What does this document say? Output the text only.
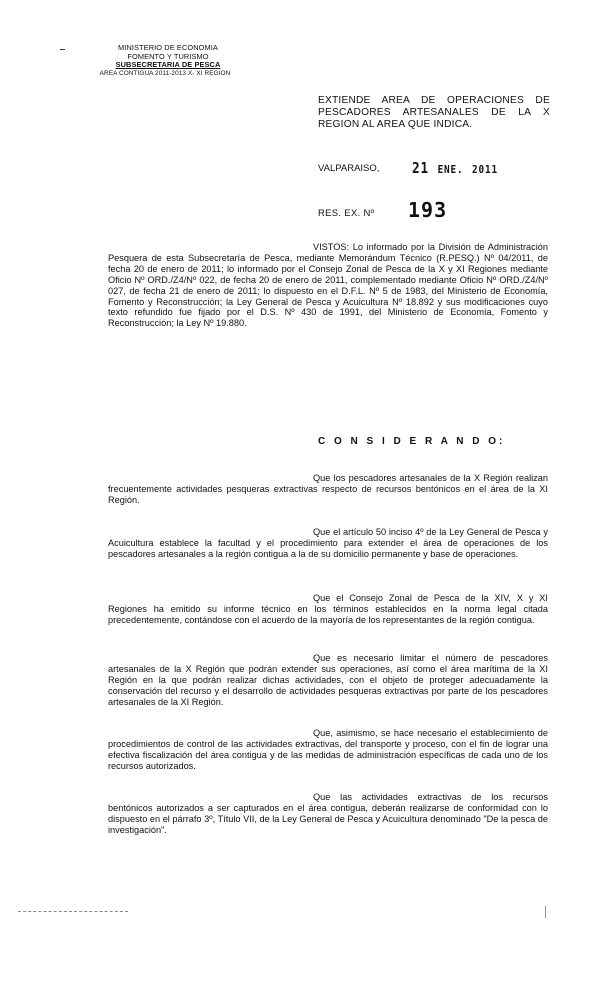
MINISTERIO DE ECONOMIA
FOMENTO Y TURISMO
SUBSECRETARIA DE PESCA
AREA CONTIGUA 2011-2013 X- XI REGION
EXTIENDE AREA DE OPERACIONES DE
PESCADORES ARTESANALES DE LA X
REGION AL AREA QUE INDICA.
VALPARAISO, 21 ENE. 2011
RES. EX. Nº 193

VISTOS: Lo informado por la División de Administración Pesquera de esta Subsecretaría de Pesca, mediante Memorándum Técnico (R.PESQ.) Nº 04/2011, de fecha 20 de enero de 2011; lo informado por el Consejo Zonal de Pesca de la X y XI Regiones mediante Oficio Nº ORD./Z4/Nº 022, de fecha 20 de enero de 2011, complementado mediante Oficio Nº ORD./Z4/Nº 027, de fecha 21 de enero de 2011; lo dispuesto en el D.F.L. Nº 5 de 1983, del Ministerio de Economía, Fomento y Reconstrucción; la Ley General de Pesca y Acuicultura Nº 18.892 y sus modificaciones cuyo texto refundido fue fijado por el D.S. Nº 430 de 1991, del Ministerio de Economía, Fomento y Reconstrucción; la Ley Nº 19.880.

C O N S I D E R A N D O:

Que los pescadores artesanales de la X Región realizan frecuentemente actividades pesqueras extractivas respecto de recursos bentónicos en el área de la XI Región.

Que el artículo 50 inciso 4º de la Ley General de Pesca y Acuicultura establece la facultad y el procedimiento para extender el área de operaciones de los pescadores artesanales a la región contigua a la de su domicilio permanente y base de operaciones.

Que el Consejo Zonal de Pesca de la XIV, X y XI Regiones ha emitido su informe técnico en los términos establecidos en la norma legal citada precedentemente, contándose con el acuerdo de la mayoría de los representantes de la región contigua.

Que es necesario limitar el número de pescadores artesanales de la X Región que podrán extender sus operaciones, así como el área marítima de la XI Región en la que podrán realizar dichas actividades, con el objeto de proteger adecuadamente la conservación del recurso y el desarrollo de actividades pesqueras extractivas por parte de los pescadores artesanales de la XI Región.

Que, asimismo, se hace necesario el establecimiento de procedimientos de control de las actividades extractivas, del transporte y proceso, con el fin de lograr una efectiva fiscalización del área contigua y de las medidas de administración específicas de cada uno de los recursos autorizados.

Que las actividades extractivas de los recursos bentónicos autorizados a ser capturados en el área contigua, deberán realizarse de conformidad con lo dispuesto en el párrafo 3º, Título VII, de la Ley General de Pesca y Acuicultura denominado "De la pesca de investigación".
